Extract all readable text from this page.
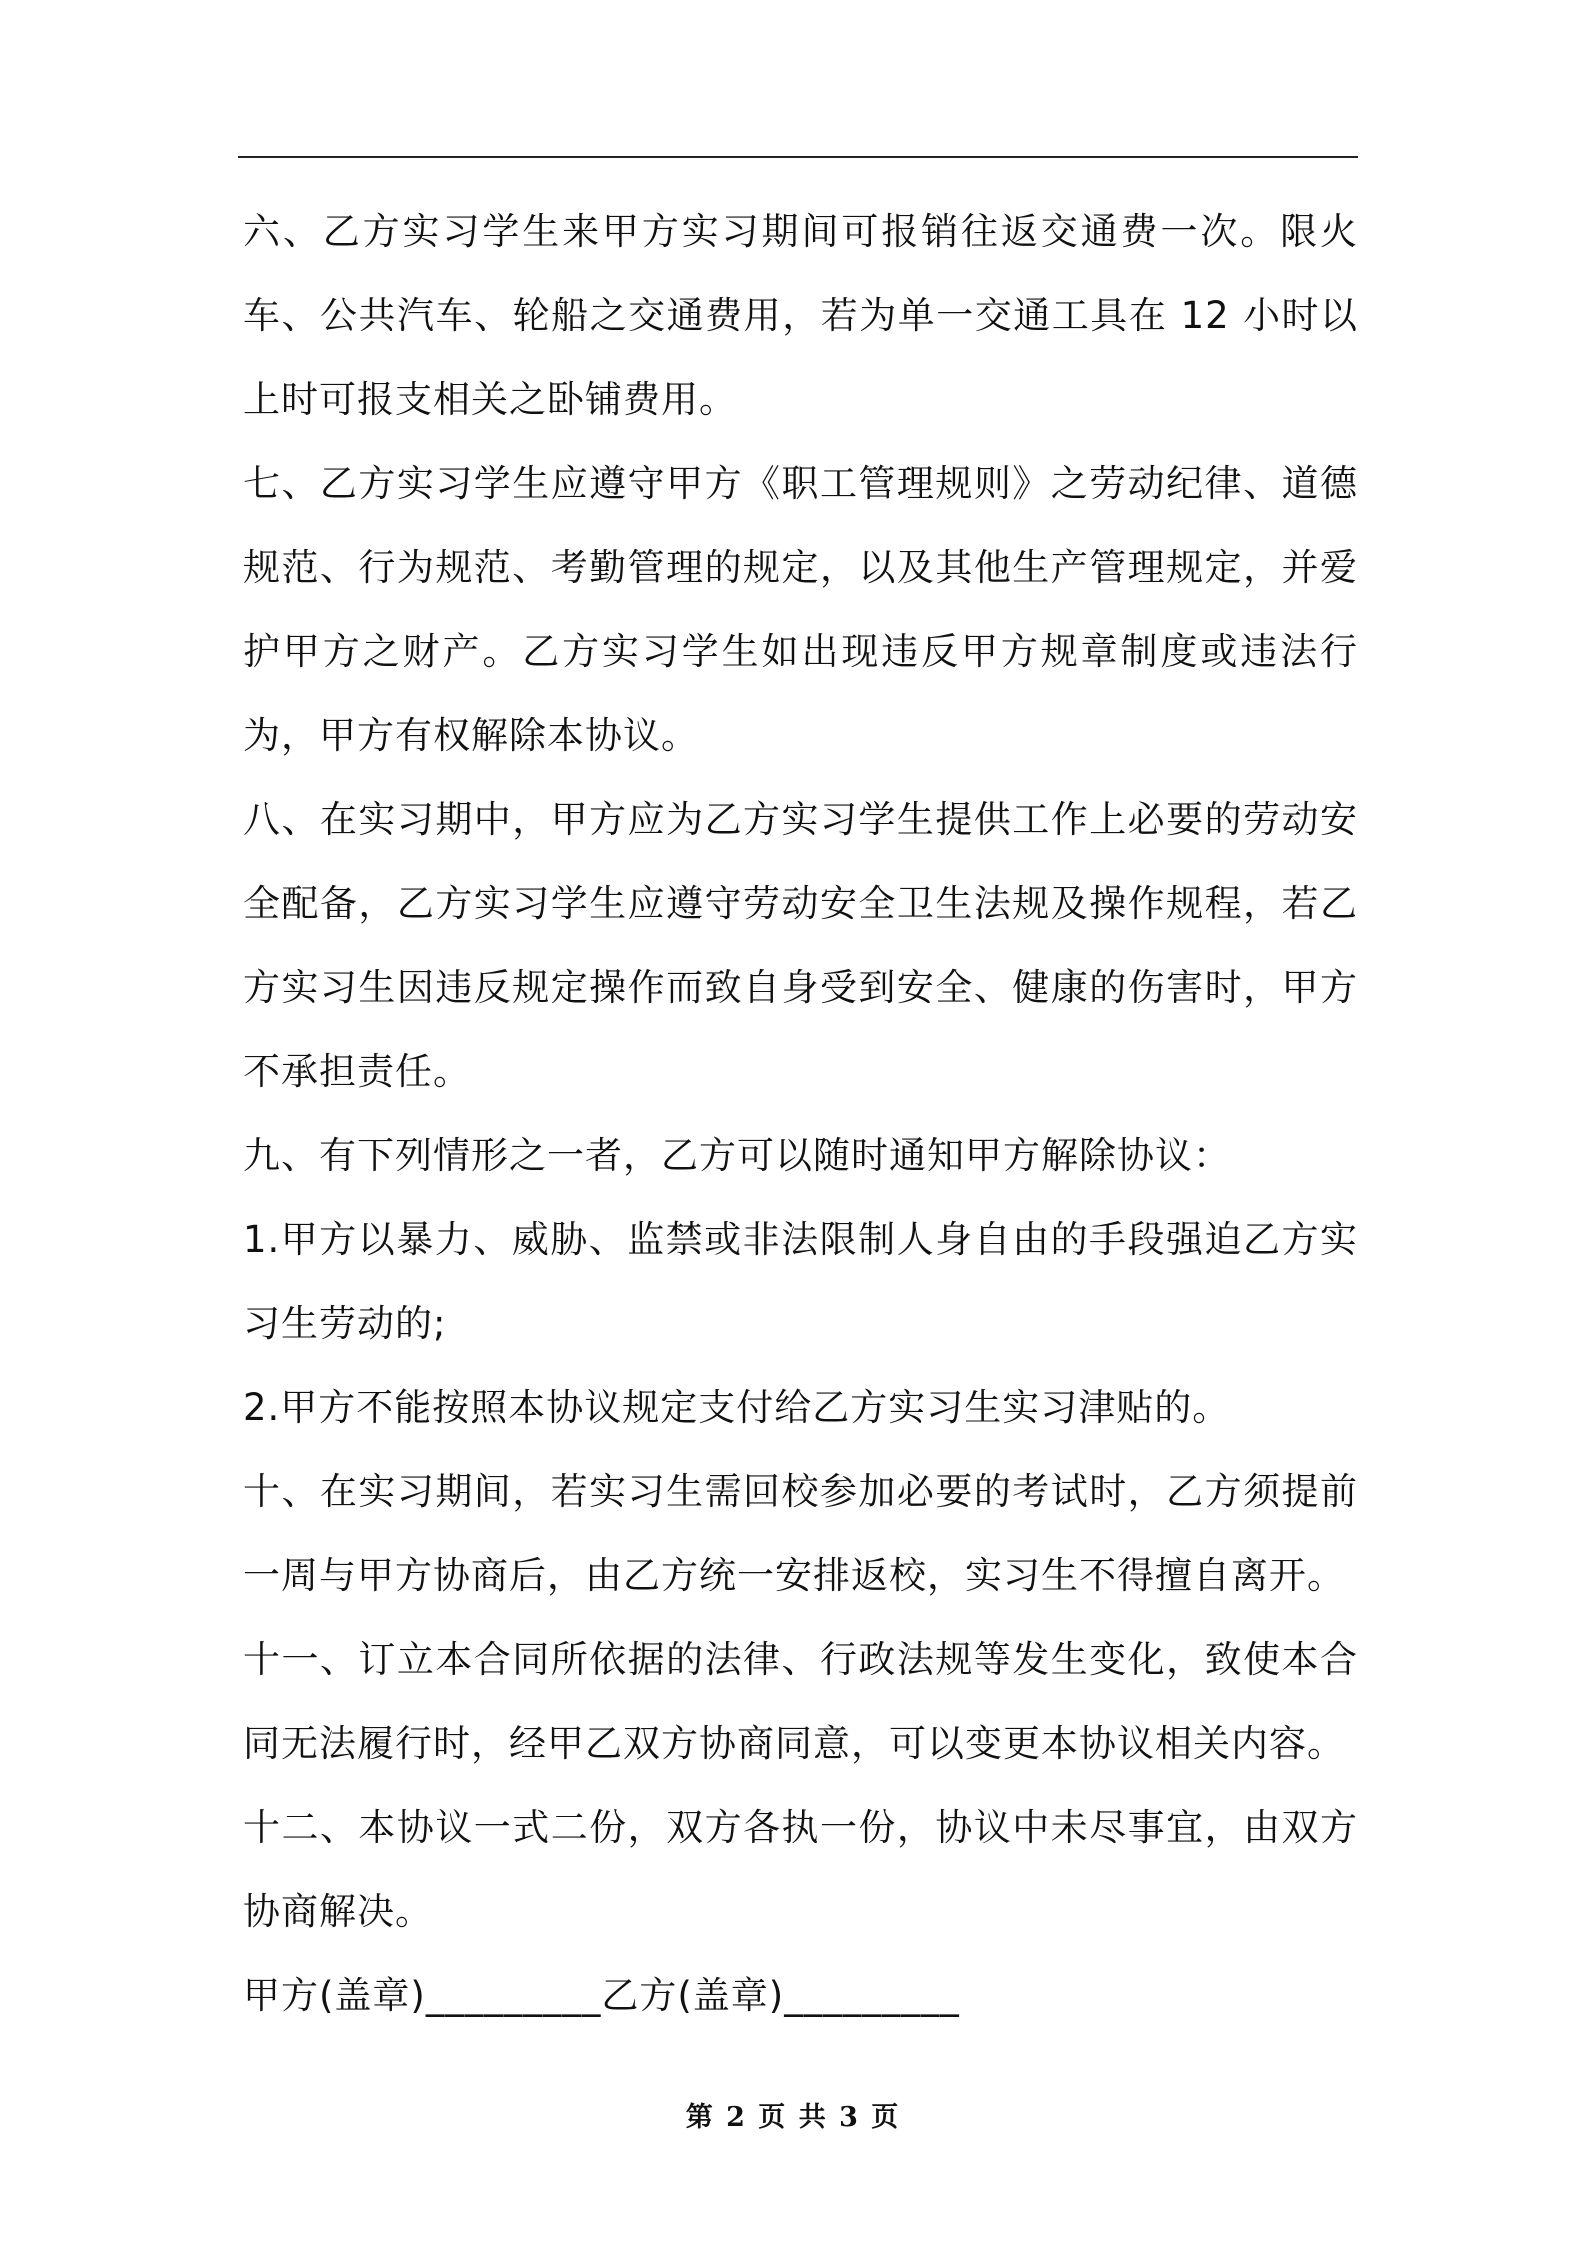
六、乙方实习学生来甲方实习期间可报销往返交通费一次。限火车、公共汽车、轮船之交通费用，若为单一交通工具在 12 小时以上时可报支相关之卧铺费用。

七、乙方实习学生应遵守甲方《职工管理规则》之劳动纪律、道德规范、行为规范、考勤管理的规定，以及其他生产管理规定，并爱护甲方之财产。乙方实习学生如出现违反甲方规章制度或违法行为，甲方有权解除本协议。

八、在实习期中，甲方应为乙方实习学生提供工作上必要的劳动安全配备，乙方实习学生应遵守劳动安全卫生法规及操作规程，若乙方实习生因违反规定操作而致自身受到安全、健康的伤害时，甲方不承担责任。

九、有下列情形之一者，乙方可以随时通知甲方解除协议：

1.甲方以暴力、威胁、监禁或非法限制人身自由的手段强迫乙方实习生劳动的;

2.甲方不能按照本协议规定支付给乙方实习生实习津贴的。

十、在实习期间，若实习生需回校参加必要的考试时，乙方须提前一周与甲方协商后，由乙方统一安排返校，实习生不得擅自离开。

十一、订立本合同所依据的法律、行政法规等发生变化，致使本合同无法履行时，经甲乙双方协商同意，可以变更本协议相关内容。

十二、本协议一式二份，双方各执一份，协议中未尽事宜，由双方协商解决。

甲方(盖章)_________乙方(盖章)_________

第 2 页 共 3 页
